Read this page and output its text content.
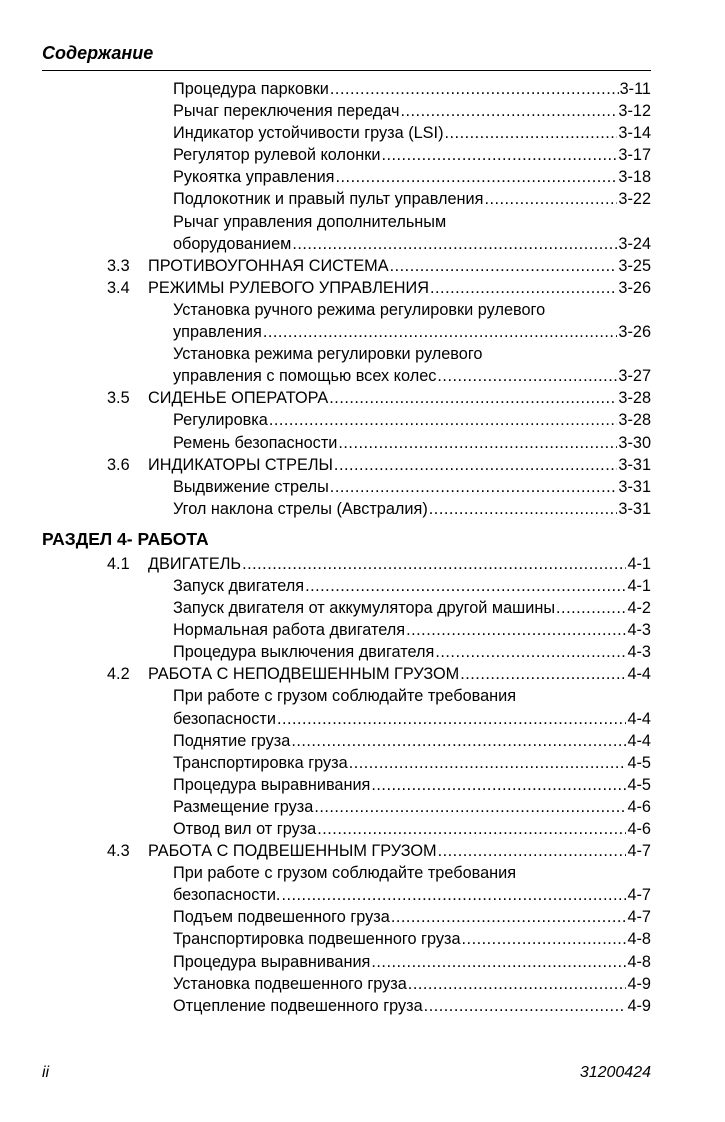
Содержание
Процедура парковки .....	3-11
Рычаг переключения передач .....	3-12
Индикатор устойчивости груза (LSI) .....	3-14
Регулятор рулевой колонки .....	3-17
Рукоятка управления .....	3-18
Подлокотник и правый пульт управления .....	3-22
Рычаг управления дополнительным
оборудованием .....	3-24
3.3 ПРОТИВОУГОННАЯ СИСТЕМА .....	3-25
3.4 РЕЖИМЫ РУЛЕВОГО УПРАВЛЕНИЯ .....	3-26
Установка ручного режима регулировки рулевого
управления .....	3-26
Установка режима регулировки рулевого
управления с помощью всех колес .....	3-27
3.5 СИДЕНЬЕ ОПЕРАТОРА .....	3-28
Регулировка .....	3-28
Ремень безопасности .....	3-30
3.6 ИНДИКАТОРЫ СТРЕЛЫ .....	3-31
Выдвижение стрелы .....	3-31
Угол наклона стрелы (Австралия) .....	3-31
РАЗДЕЛ 4- РАБОТА
4.1 ДВИГАТЕЛЬ .....	4-1
Запуск двигателя .....	4-1
Запуск двигателя от аккумулятора другой машины .....	4-2
Нормальная работа двигателя .....	4-3
Процедура выключения двигателя .....	4-3
4.2 РАБОТА С НЕПОДВЕШЕННЫМ ГРУЗОМ .....	4-4
При работе с грузом соблюдайте требования
безопасности .....	4-4
Поднятие груза .....	4-4
Транспортировка груза .....	4-5
Процедура выравнивания .....	4-5
Размещение груза .....	4-6
Отвод вил от груза .....	4-6
4.3 РАБОТА С ПОДВЕШЕННЫМ ГРУЗОМ .....	4-7
При работе с грузом соблюдайте требования
безопасности. .....	4-7
Подъем подвешенного груза .....	4-7
Транспортировка подвешенного груза .....	4-8
Процедура выравнивания .....	4-8
Установка подвешенного груза .....	4-9
Отцепление подвешенного груза .....	4-9
ii	31200424
